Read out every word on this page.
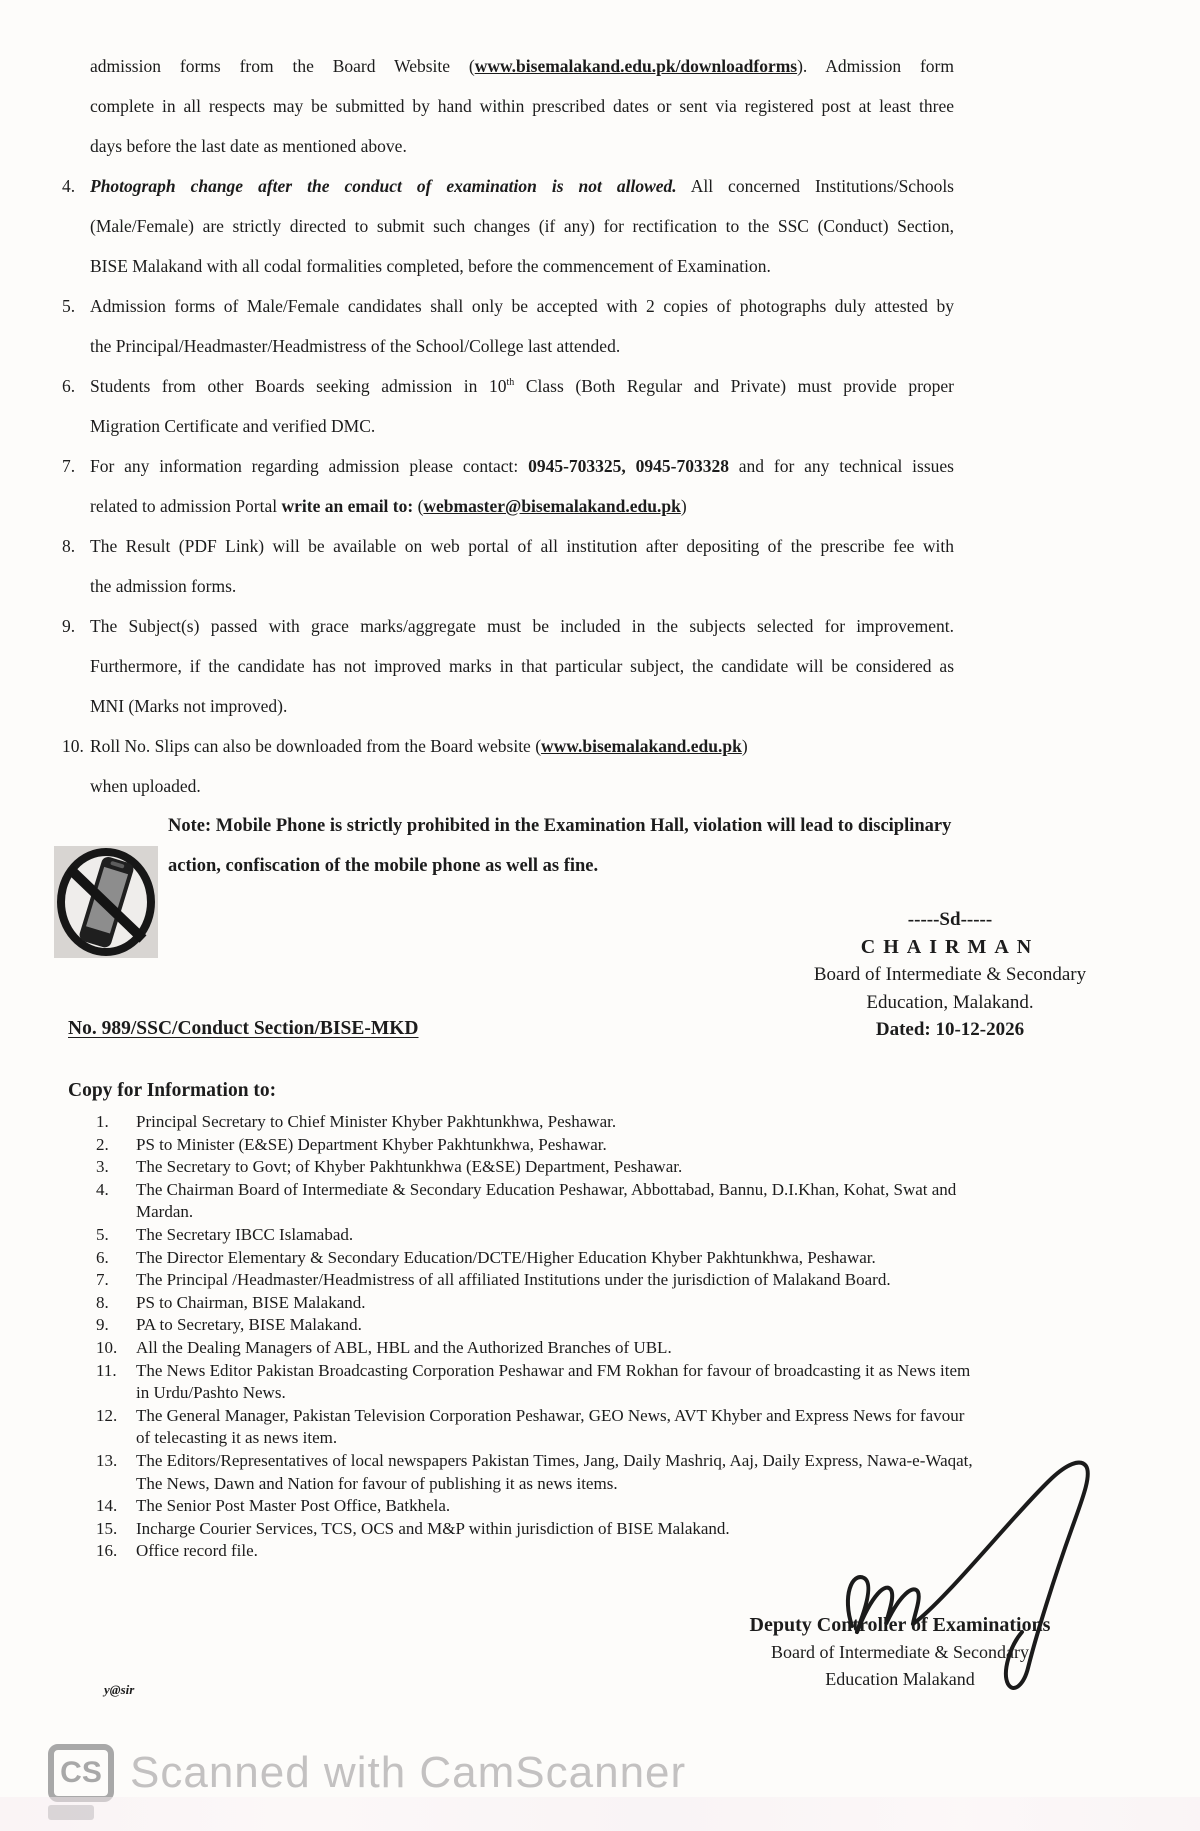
admission forms from the Board Website (www.bisemalakand.edu.pk/downloadforms). Admission form
complete in all respects may be submitted by hand within prescribed dates or sent via registered post at least three
days before the last date as mentioned above.
4. Photograph change after the conduct of examination is not allowed. All concerned Institutions/Schools
(Male/Female) are strictly directed to submit such changes (if any) for rectification to the SSC (Conduct) Section,
BISE Malakand with all codal formalities completed, before the commencement of Examination.
5. Admission forms of Male/Female candidates shall only be accepted with 2 copies of photographs duly attested by
the Principal/Headmaster/Headmistress of the School/College last attended.
6. Students from other Boards seeking admission in 10th Class (Both Regular and Private) must provide proper
Migration Certificate and verified DMC.
7. For any information regarding admission please contact: 0945-703325, 0945-703328 and for any technical issues
related to admission Portal write an email to: (webmaster@bisemalakand.edu.pk)
8. The Result (PDF Link) will be available on web portal of all institution after depositing of the prescribe fee with
the admission forms.
9. The Subject(s) passed with grace marks/aggregate must be included in the subjects selected for improvement.
Furthermore, if the candidate has not improved marks in that particular subject, the candidate will be considered as
MNI (Marks not improved).
10. Roll No. Slips can also be downloaded from the Board website (www.bisemalakand.edu.pk)
when uploaded.
Note: Mobile Phone is strictly prohibited in the Examination Hall, violation will lead to disciplinary
action, confiscation of the mobile phone as well as fine.
-----Sd-----
CHAIRMAN
Board of Intermediate & Secondary
Education, Malakand.
Dated: 10-12-2026
No. 989/SSC/Conduct Section/BISE-MKD
Copy for Information to:
1.	Principal Secretary to Chief Minister Khyber Pakhtunkhwa, Peshawar.
2.	PS to Minister (E&SE) Department Khyber Pakhtunkhwa, Peshawar.
3.	The Secretary to Govt; of Khyber Pakhtunkhwa (E&SE) Department, Peshawar.
4.	The Chairman Board of Intermediate & Secondary Education Peshawar, Abbottabad, Bannu, D.I.Khan, Kohat, Swat and
Mardan.
5.	The Secretary IBCC Islamabad.
6.	The Director Elementary & Secondary Education/DCTE/Higher Education Khyber Pakhtunkhwa, Peshawar.
7.	The Principal /Headmaster/Headmistress of all affiliated Institutions under the jurisdiction of Malakand Board.
8.	PS to Chairman, BISE Malakand.
9.	PA to Secretary, BISE Malakand.
10.	All the Dealing Managers of ABL, HBL and the Authorized Branches of UBL.
11.	The News Editor Pakistan Broadcasting Corporation Peshawar and FM Rokhan for favour of broadcasting it as News item
in Urdu/Pashto News.
12.	The General Manager, Pakistan Television Corporation Peshawar, GEO News, AVT Khyber and Express News for favour
of telecasting it as news item.
13.	The Editors/Representatives of local newspapers Pakistan Times, Jang, Daily Mashriq, Aaj, Daily Express, Nawa-e-Waqat,
The News, Dawn and Nation for favour of publishing it as news items.
14.	The Senior Post Master Post Office, Batkhela.
15.	Incharge Courier Services, TCS, OCS and M&P within jurisdiction of BISE Malakand.
16.	Office record file.
Deputy Controller of Examinations
Board of Intermediate & Secondary
Education Malakand
y@sir
CS Scanned with CamScanner
